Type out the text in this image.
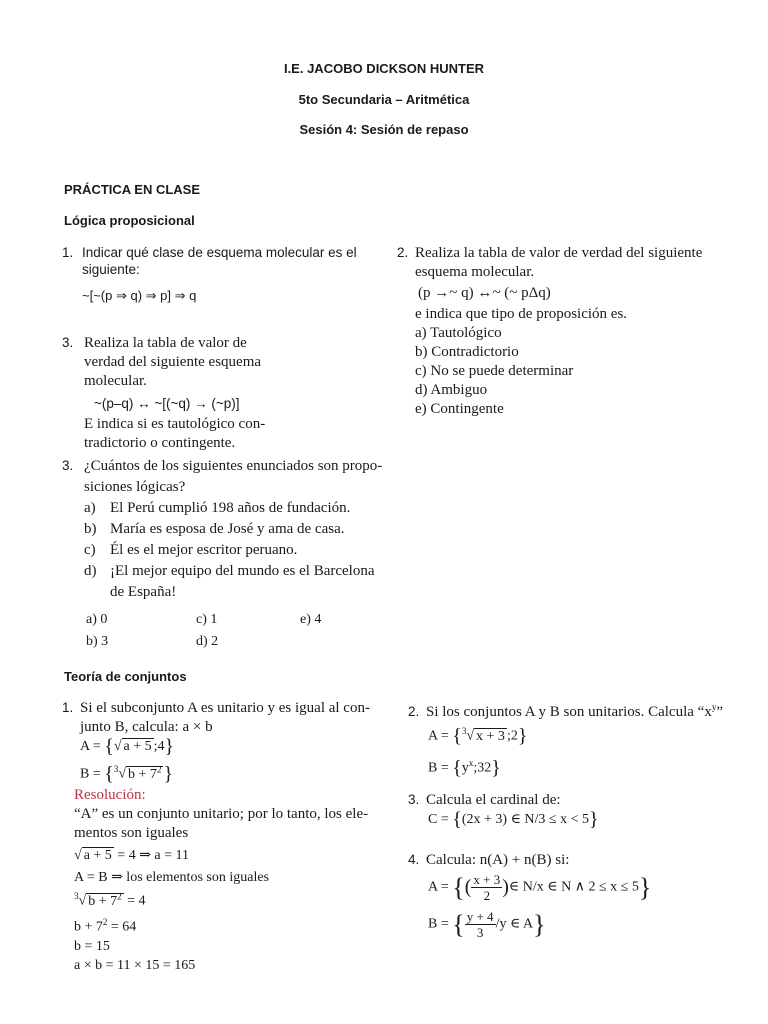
I.E. JACOBO DICKSON HUNTER
5to Secundaria – Aritmética
Sesión 4: Sesión de repaso
PRÁCTICA EN CLASE
Lógica proposicional
1. Indicar qué clase de esquema molecular es el
siguiente:
~[~(p ⇒ q) ⇒ p] ⇒ q
2. Realiza la tabla de valor de verdad del siguiente
esquema molecular.
(p →~ q) ↔~ (~ pΔq)
e indica que tipo de proposición es.
a) Tautológico
b) Contradictorio
c) No se puede determinar
d) Ambiguo
e) Contingente
3. Realiza la tabla de valor de
verdad del siguiente esquema
molecular.
~(p–q) ↔ ~[(~q) → (~p)]
E indica si es tautológico con-
tradictorio o contingente.
3. ¿Cuántos de los siguientes enunciados son propo-
siciones lógicas?
a) El Perú cumplió 198 años de fundación.
b) María es esposa de José y ama de casa.
c) Él es el mejor escritor peruano.
d) ¡El mejor equipo del mundo es el Barcelona
de España!
a) 0	c) 1	e) 4
b) 3	d) 2
Teoría de conjuntos
1. Si el subconjunto A es unitario y es igual al con-
junto B, calcula: a × b
A = {√ a + 5 ;4}
B = {$^3$√ $b + 7^2$ }
Resolución:
“A” es un conjunto unitario; por lo tanto, los ele-
mentos son iguales
√ a + 5 = 4 ⇒ a = 11
A = B ⇒ los elementos son iguales
$^3$√ $b + 7^2 = 4$
$b + 7^2 = 64$
b = 15
a × b = 11 × 15 = 165
2. Si los conjuntos A y B son unitarios. Calcula “$x^y$”
A = {$^3$√ x + 3 ;2}
$B = \{y^x;32\}$
3. Calcula el cardinal de:
C = {(2x + 3) ∈ N/3 ≤ x < 5}
4. Calcula: n(A) + n(B) si:
A = {( $\frac{x + 3}{2}$ )∈ N/x ∈ N ∧ 2 ≤ x ≤ 5}
B = { $\frac{y + 4}{3} /y$ ∈ A}
